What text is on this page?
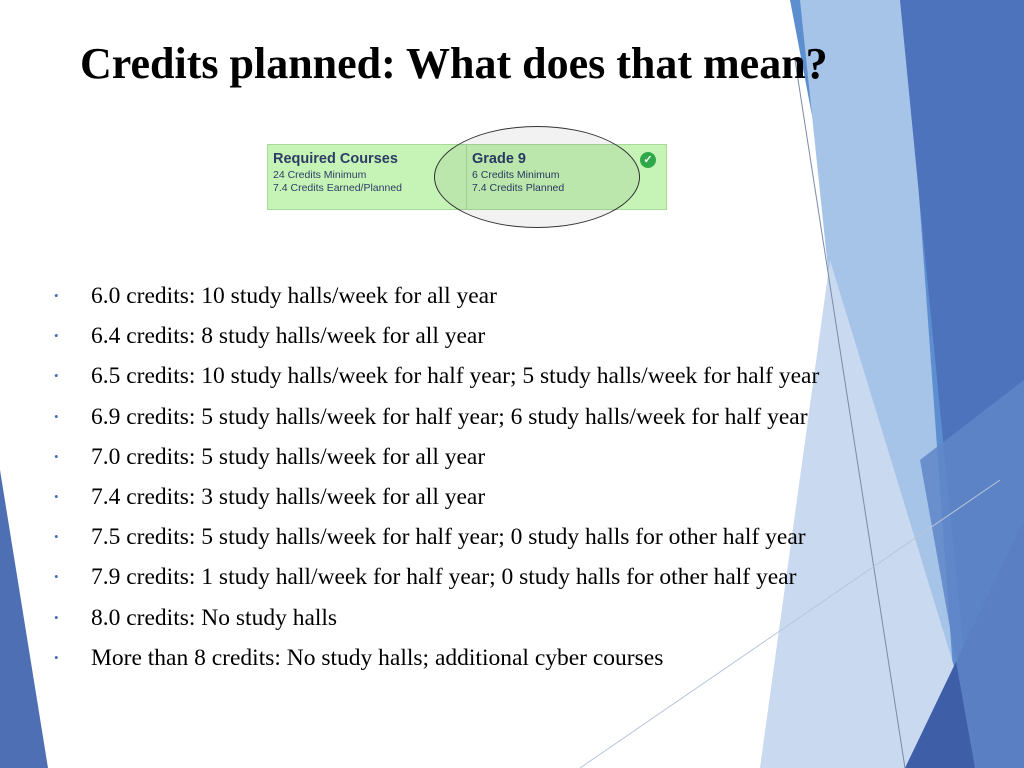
Credits planned: What does that mean?
Required Courses
24 Credits Minimum
7.4 Credits Earned/Planned
Grade 9
6 Credits Minimum
7.4 Credits Planned
✓
• 6.0 credits: 10 study halls/week for all year
• 6.4 credits: 8 study halls/week for all year
• 6.5 credits: 10 study halls/week for half year; 5 study halls/week for half year
• 6.9 credits: 5 study halls/week for half year; 6 study halls/week for half year
• 7.0 credits: 5 study halls/week for all year
• 7.4 credits: 3 study halls/week for all year
• 7.5 credits: 5 study halls/week for half year; 0 study halls for other half year
• 7.9 credits: 1 study hall/week for half year; 0 study halls for other half year
• 8.0 credits: No study halls
• More than 8 credits: No study halls; additional cyber courses
